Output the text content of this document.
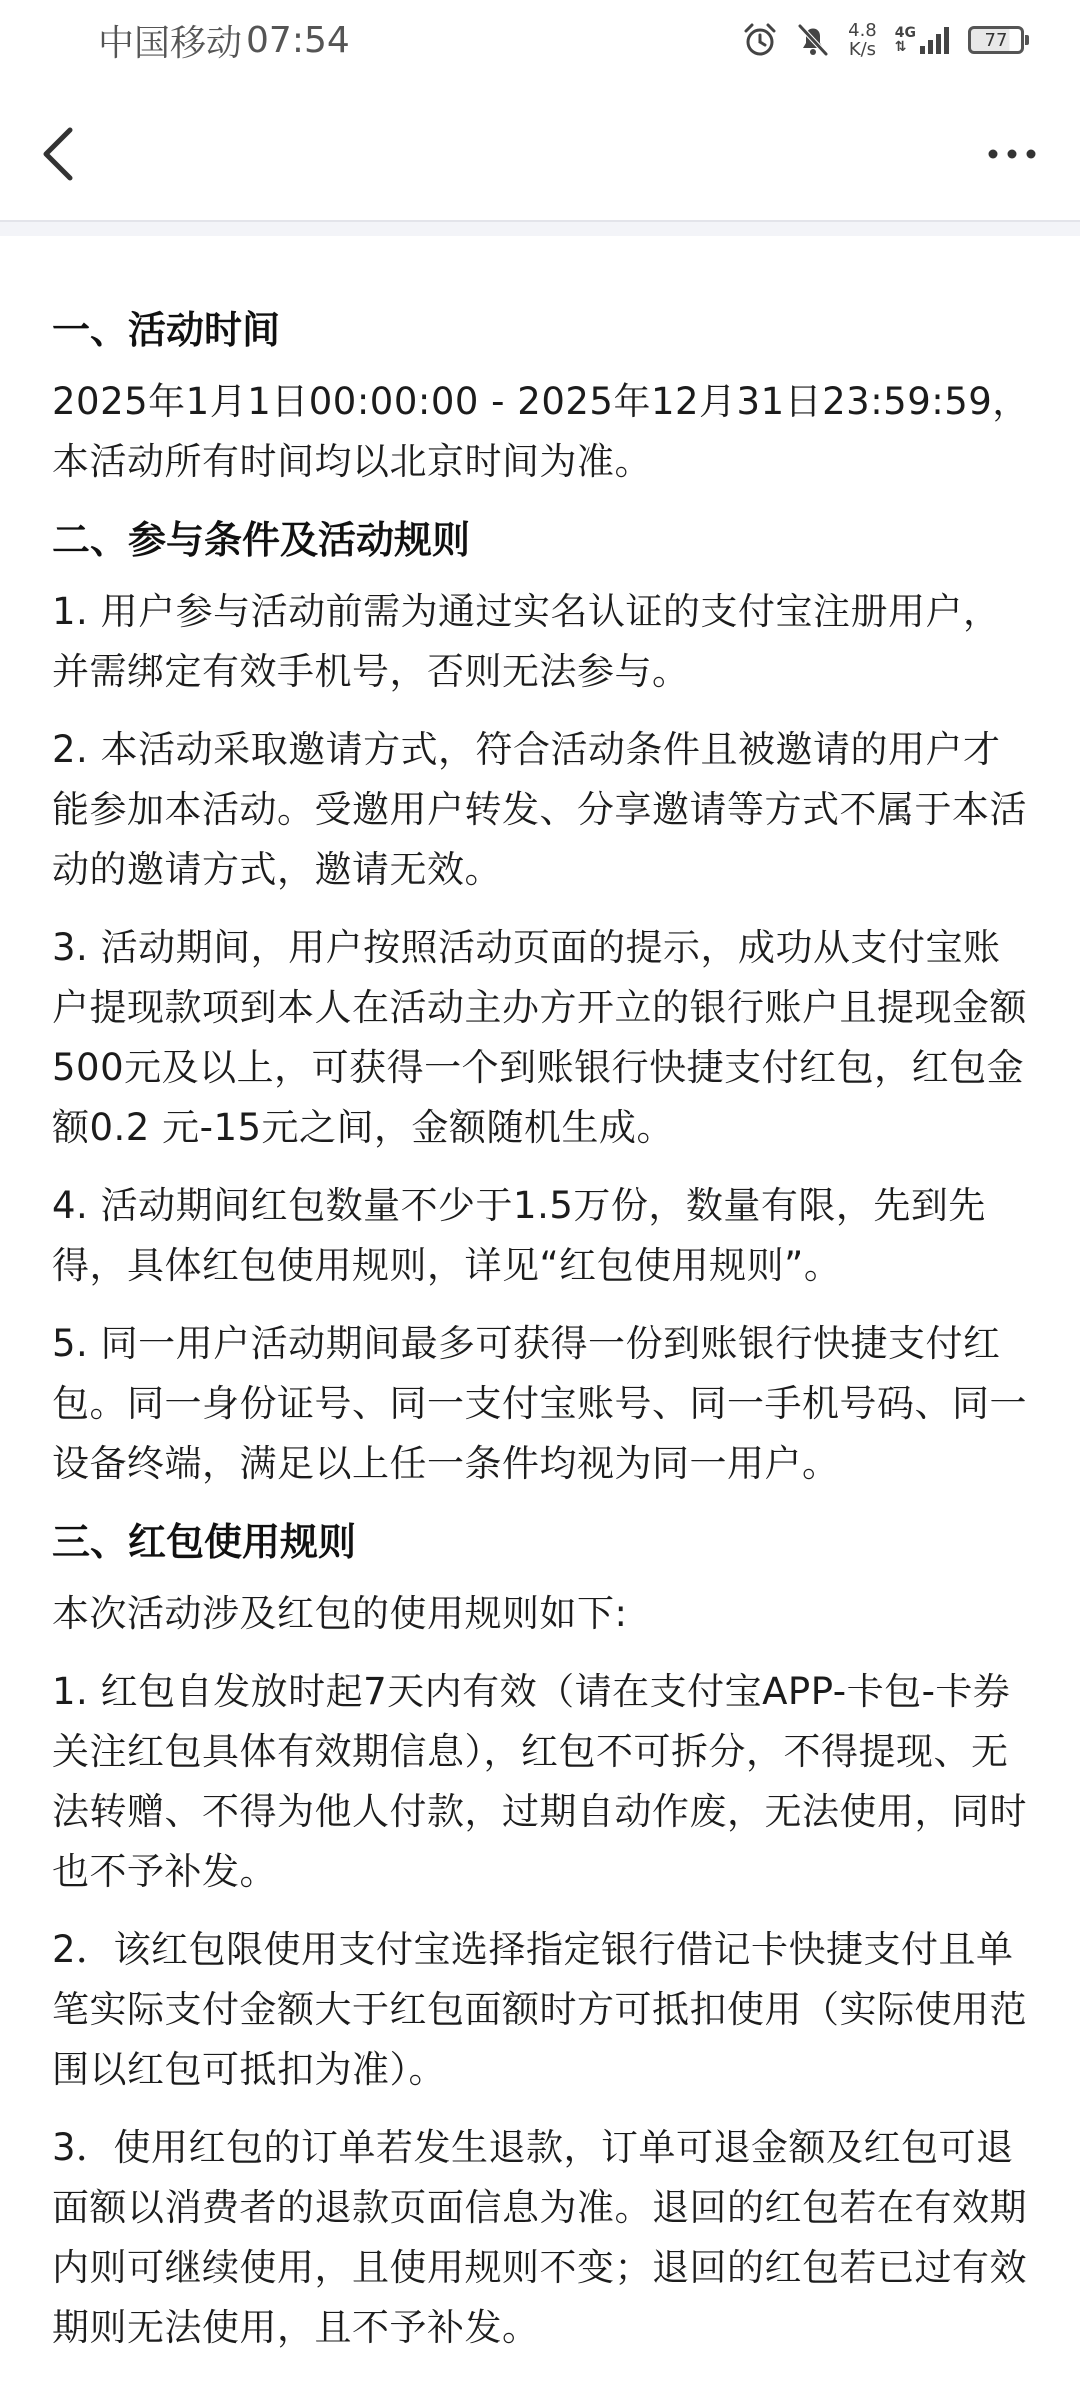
中国移动 07:54	4.8
K/s
4G
⇅	77
一、活动时间

2025年1月1日00:00:00 - 2025年12月31日23:59:59，本活动所有时间均以北京时间为准。

二、参与条件及活动规则

1. 用户参与活动前需为通过实名认证的支付宝注册用户，并需绑定有效手机号，否则无法参与。

2. 本活动采取邀请方式，符合活动条件且被邀请的用户才能参加本活动。受邀用户转发、分享邀请等方式不属于本活动的邀请方式，邀请无效。

3. 活动期间，用户按照活动页面的提示，成功从支付宝账户提现款项到本人在活动主办方开立的银行账户且提现金额500元及以上，可获得一个到账银行快捷支付红包，红包金额0.2 元-15元之间，金额随机生成。

4. 活动期间红包数量不少于1.5万份，数量有限，先到先得，具体红包使用规则，详见“红包使用规则”。

5. 同一用户活动期间最多可获得一份到账银行快捷支付红包。同一身份证号、同一支付宝账号、同一手机号码、同一设备终端，满足以上任一条件均视为同一用户。

三、红包使用规则

本次活动涉及红包的使用规则如下:

1. 红包自发放时起7天内有效（请在支付宝APP-卡包-卡券关注红包具体有效期信息），红包不可拆分，不得提现、无法转赠、不得为他人付款，过期自动作废，无法使用，同时也不予补发。

2．该红包限使用支付宝选择指定银行借记卡快捷支付且单笔实际支付金额大于红包面额时方可抵扣使用（实际使用范围以红包可抵扣为准）。

3．使用红包的订单若发生退款，订单可退金额及红包可退面额以消费者的退款页面信息为准。退回的红包若在有效期内则可继续使用，且使用规则不变；退回的红包若已过有效期则无法使用，且不予补发。
